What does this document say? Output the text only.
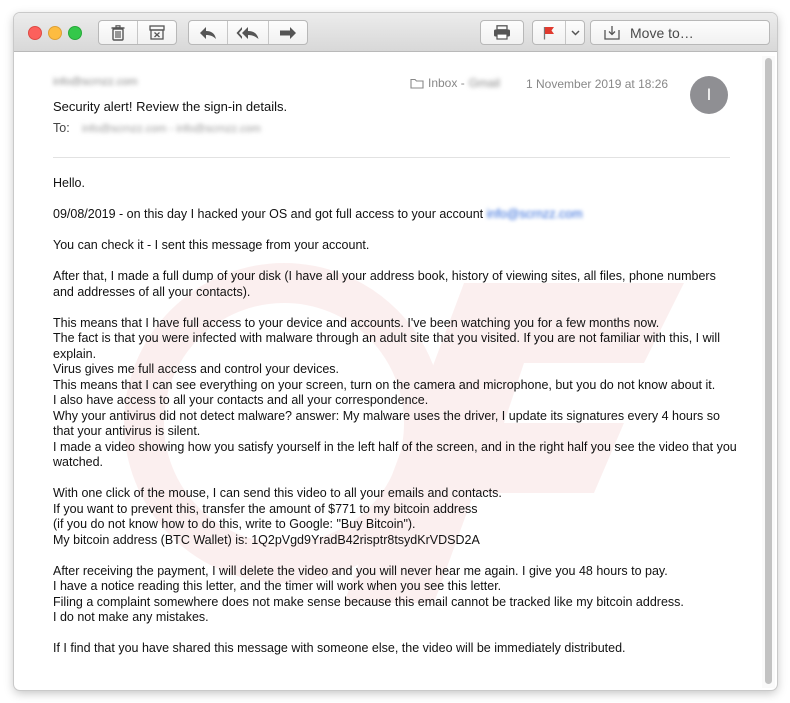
Move to…
info@scrnzz.com
Security alert! Review the sign-in details.
To: info@scrnzz.com - info@scrnzz.com
Inbox - Gmail 1 November 2019 at 18:26
I

Hello.

09/08/2019 - on this day I hacked your OS and got full access to your account info@scrnzz.com

You can check it - I sent this message from your account.

After that, I made a full dump of your disk (I have all your address book, history of viewing sites, all files, phone numbers and addresses of all your contacts).

This means that I have full access to your device and accounts. I've been watching you for a few months now.
The fact is that you were infected with malware through an adult site that you visited. If you are not familiar with this, I will explain.
Virus gives me full access and control your devices.
This means that I can see everything on your screen, turn on the camera and microphone, but you do not know about it.
I also have access to all your contacts and all your correspondence.
Why your antivirus did not detect malware? answer: My malware uses the driver, I update its signatures every 4 hours so that your antivirus is silent.
I made a video showing how you satisfy yourself in the left half of the screen, and in the right half you see the video that you watched.

With one click of the mouse, I can send this video to all your emails and contacts.
If you want to prevent this, transfer the amount of $771 to my bitcoin address
(if you do not know how to do this, write to Google: "Buy Bitcoin").
My bitcoin address (BTC Wallet) is: 1Q2pVgd9YradB42risptr8tsydKrVDSD2A

After receiving the payment, I will delete the video and you will never hear me again. I give you 48 hours to pay.
I have a notice reading this letter, and the timer will work when you see this letter.
Filing a complaint somewhere does not make sense because this email cannot be tracked like my bitcoin address.
I do not make any mistakes.

If I find that you have shared this message with someone else, the video will be immediately distributed.
